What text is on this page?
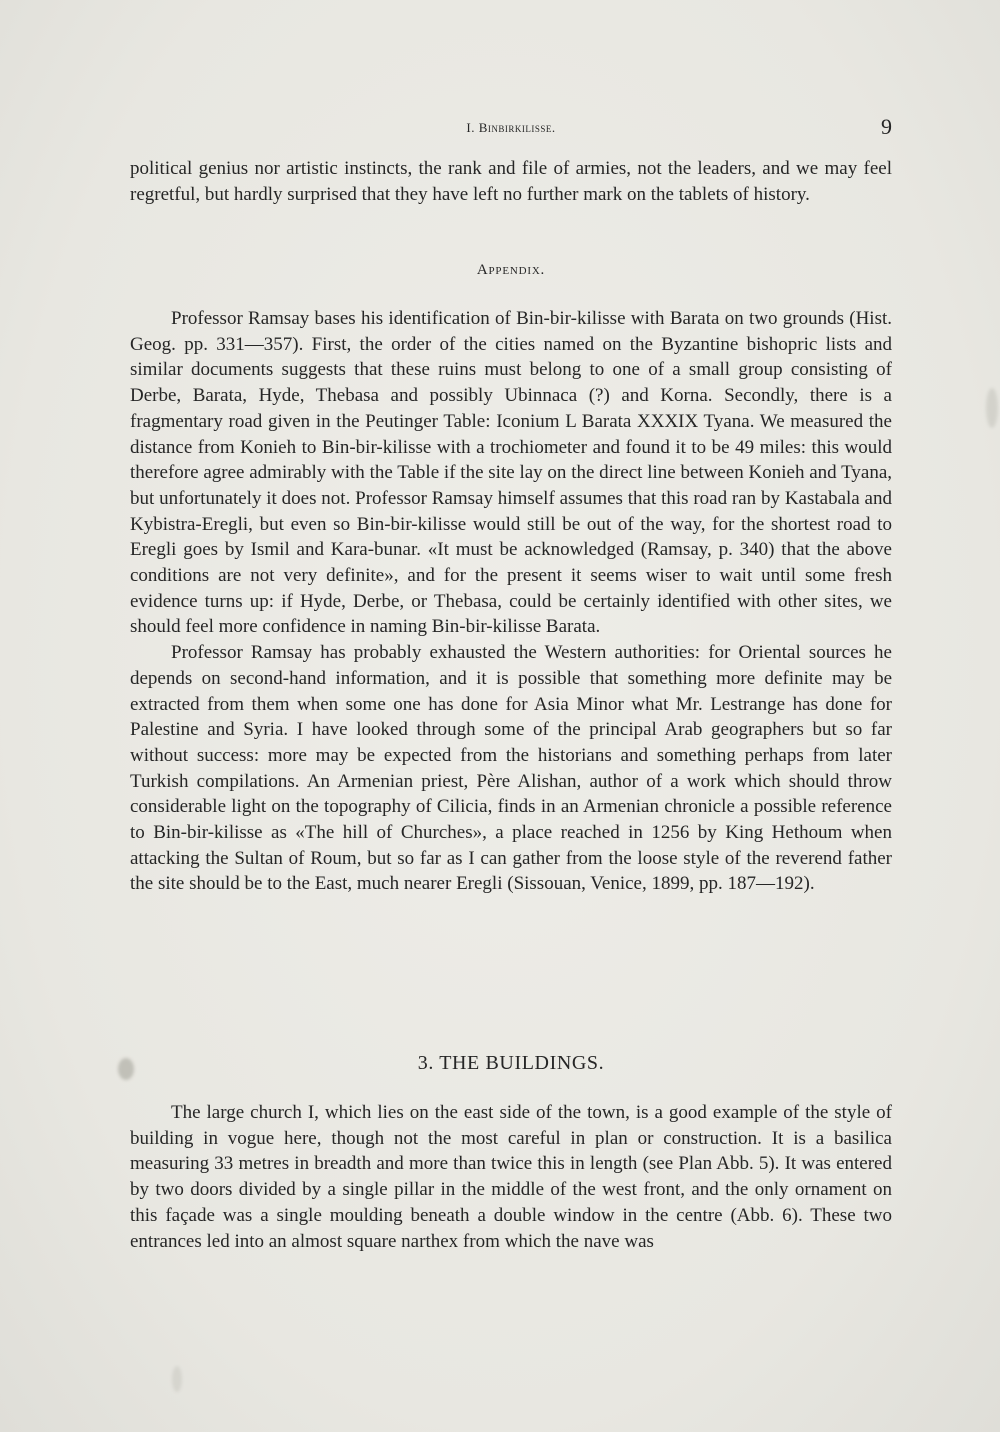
I. Binbirkilisse.	9

political genius nor artistic instincts, the rank and file of armies, not the leaders, and we may feel regretful, but hardly surprised that they have left no further mark on the tablets of history.

Appendix.

Professor Ramsay bases his identification of Bin-bir-kilisse with Barata on two grounds (Hist. Geog. pp. 331—357). First, the order of the cities named on the Byzantine bishopric lists and similar documents suggests that these ruins must belong to one of a small group consisting of Derbe, Barata, Hyde, Thebasa and possibly Ubinnaca (?) and Korna. Secondly, there is a fragmentary road given in the Peutinger Table: Iconium L Barata XXXIX Tyana. We measured the distance from Konieh to Bin-bir-kilisse with a trochiometer and found it to be 49 miles: this would therefore agree admirably with the Table if the site lay on the direct line between Konieh and Tyana, but unfortunately it does not. Professor Ramsay himself assumes that this road ran by Kastabala and Kybistra-Eregli, but even so Bin-bir-kilisse would still be out of the way, for the shortest road to Eregli goes by Ismil and Kara-bunar. «It must be acknowledged (Ramsay, p. 340) that the above conditions are not very definite», and for the present it seems wiser to wait until some fresh evidence turns up: if Hyde, Derbe, or Thebasa, could be certainly identified with other sites, we should feel more confidence in naming Bin-bir-kilisse Barata.

Professor Ramsay has probably exhausted the Western authorities: for Oriental sources he depends on second-hand information, and it is possible that something more definite may be extracted from them when some one has done for Asia Minor what Mr. Lestrange has done for Palestine and Syria. I have looked through some of the principal Arab geographers but so far without success: more may be expected from the historians and something perhaps from later Turkish compilations. An Armenian priest, Père Alishan, author of a work which should throw considerable light on the topography of Cilicia, finds in an Armenian chronicle a possible reference to Bin-bir-kilisse as «The hill of Churches», a place reached in 1256 by King Hethoum when attacking the Sultan of Roum, but so far as I can gather from the loose style of the reverend father the site should be to the East, much nearer Eregli (Sissouan, Venice, 1899, pp. 187—192).

3. THE BUILDINGS.

The large church I, which lies on the east side of the town, is a good example of the style of building in vogue here, though not the most careful in plan or construction. It is a basilica measuring 33 metres in breadth and more than twice this in length (see Plan Abb. 5). It was entered by two doors divided by a single pillar in the middle of the west front, and the only ornament on this façade was a single moulding beneath a double window in the centre (Abb. 6). These two entrances led into an almost square narthex from which the nave was
